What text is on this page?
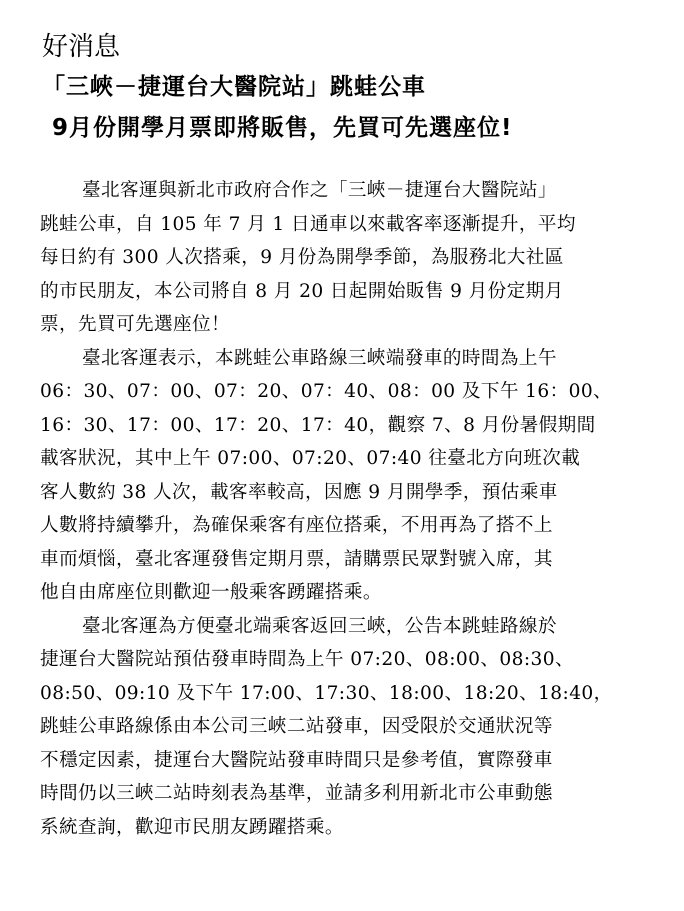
好消息
「三峽－捷運台大醫院站」跳蛙公車
9月份開學月票即將販售，先買可先選座位!

臺北客運與新北市政府合作之「三峽－捷運台大醫院站」
跳蛙公車，自 105 年 7 月 1 日通車以來載客率逐漸提升，平均
每日約有 300 人次搭乘，9 月份為開學季節，為服務北大社區
的市民朋友，本公司將自 8 月 20 日起開始販售 9 月份定期月
票，先買可先選座位！

臺北客運表示，本跳蛙公車路線三峽端發車的時間為上午
06：30、07：00、07：20、07：40、08：00 及下午 16：00、
16：30、17：00、17：20、17：40，觀察 7、8 月份暑假期間
載客狀況，其中上午 07:00、07:20、07:40 往臺北方向班次載
客人數約 38 人次，載客率較高，因應 9 月開學季，預估乘車
人數將持續攀升，為確保乘客有座位搭乘，不用再為了搭不上
車而煩惱，臺北客運發售定期月票，請購票民眾對號入席，其
他自由席座位則歡迎一般乘客踴躍搭乘。

臺北客運為方便臺北端乘客返回三峽，公告本跳蛙路線於
捷運台大醫院站預估發車時間為上午 07:20、08:00、08:30、
08:50、09:10 及下午 17:00、17:30、18:00、18:20、18:40，
跳蛙公車路線係由本公司三峽二站發車，因受限於交通狀況等
不穩定因素，捷運台大醫院站發車時間只是參考值，實際發車
時間仍以三峽二站時刻表為基準，並請多利用新北市公車動態
系統查詢，歡迎市民朋友踴躍搭乘。
